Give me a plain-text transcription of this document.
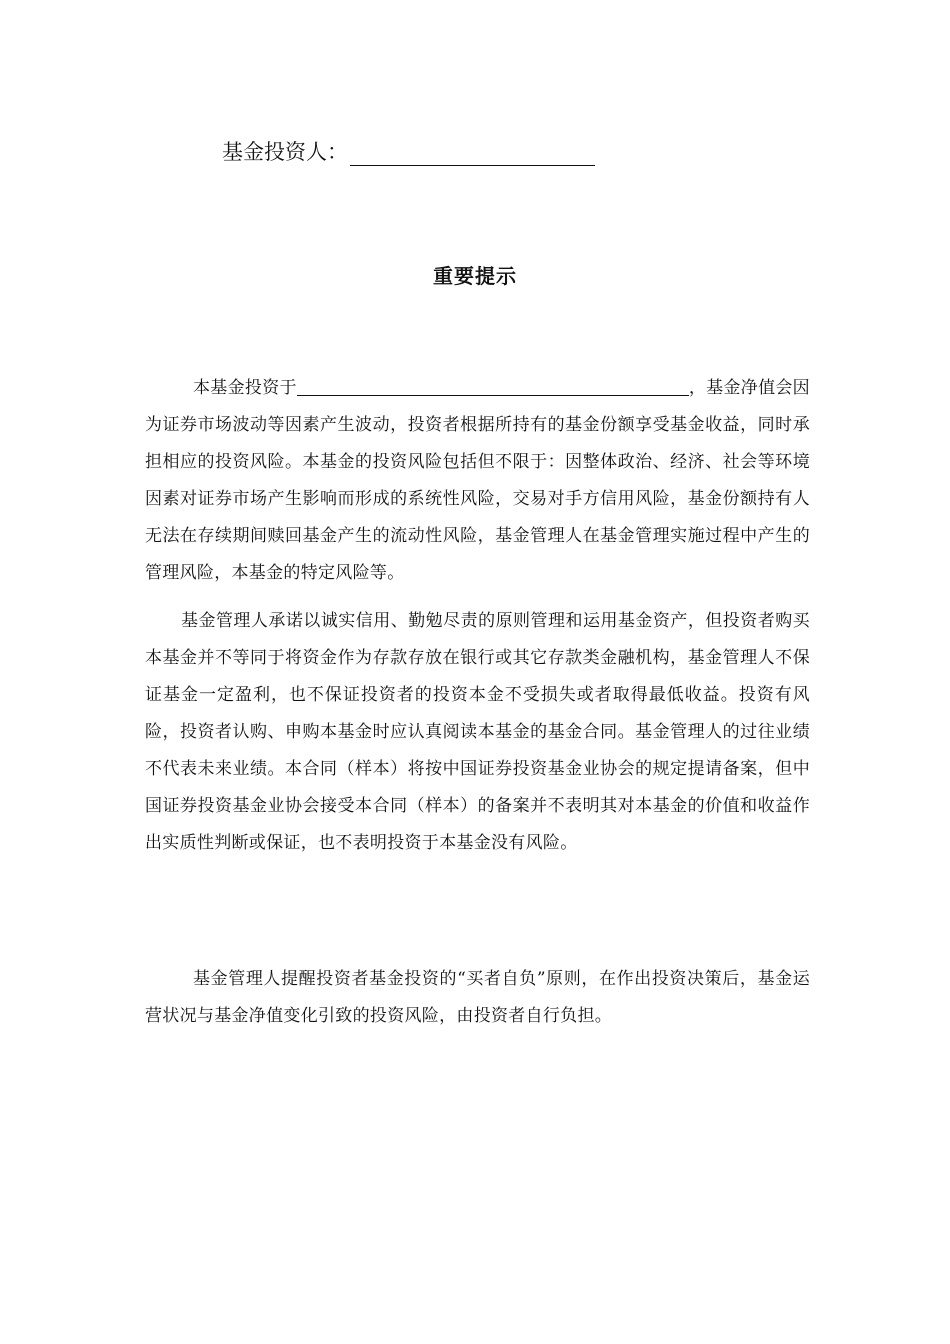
基金投资人：
重要提示
本基金投资于	，基金净值会因为证券市场波动等因素产生波动，投资者根据所持有的基金份额享受基金收益，同时承担相应的投资风险。本基金的投资风险包括但不限于：因整体政治、经济、社会等环境因素对证券市场产生影响而形成的系统性风险，交易对手方信用风险，基金份额持有人无法在存续期间赎回基金产生的流动性风险，基金管理人在基金管理实施过程中产生的管理风险，本基金的特定风险等。
基金管理人承诺以诚实信用、勤勉尽责的原则管理和运用基金资产，但投资者购买本基金并不等同于将资金作为存款存放在银行或其它存款类金融机构，基金管理人不保证基金一定盈利，也不保证投资者的投资本金不受损失或者取得最低收益。投资有风险，投资者认购、申购本基金时应认真阅读本基金的基金合同。基金管理人的过往业绩不代表未来业绩。本合同（样本）将按中国证券投资基金业协会的规定提请备案，但中国证券投资基金业协会接受本合同（样本）的备案并不表明其对本基金的价值和收益作出实质性判断或保证，也不表明投资于本基金没有风险。
基金管理人提醒投资者基金投资的“买者自负”原则，在作出投资决策后，基金运营状况与基金净值变化引致的投资风险，由投资者自行负担。
